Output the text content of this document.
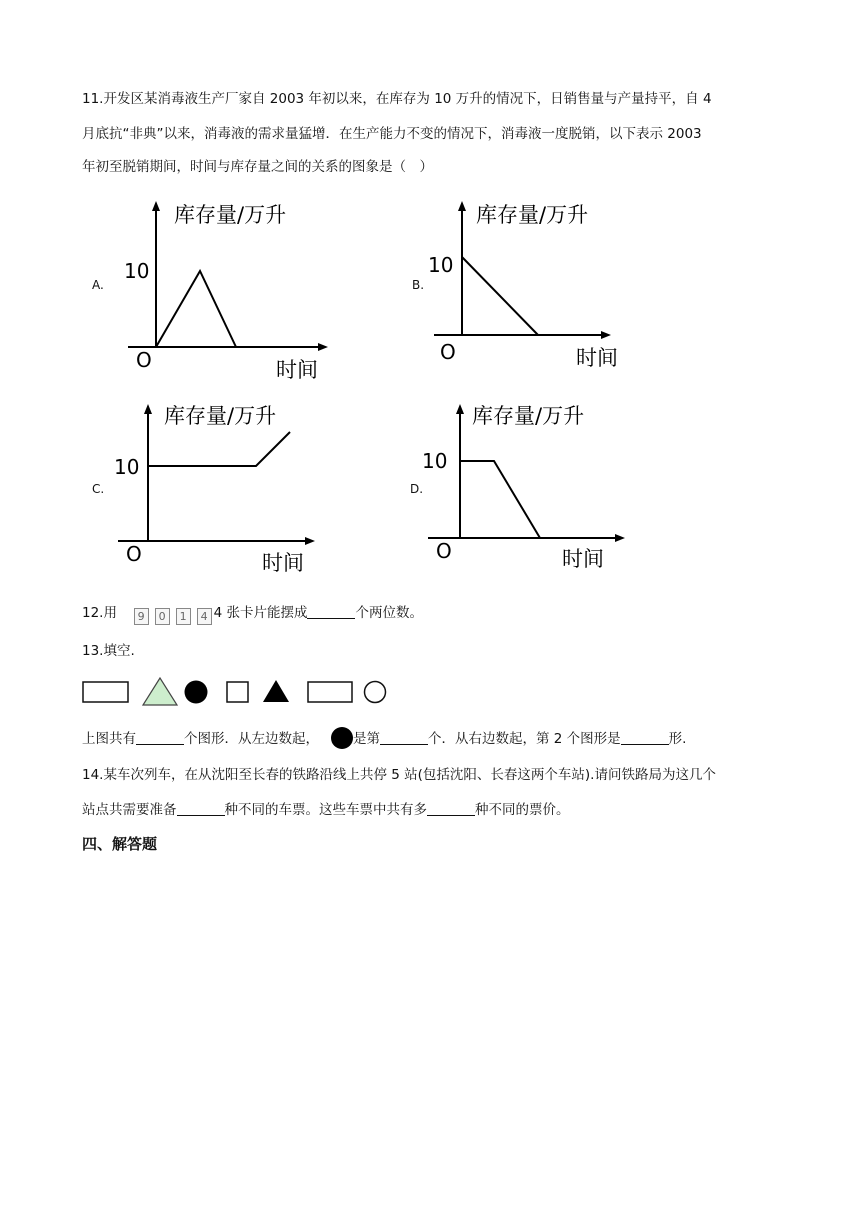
11.开发区某消毒液生产厂家自 2003 年初以来，在库存为 10 万升的情况下，日销售量与产量持平，自 4
月底抗“非典”以来，消毒液的需求量猛增．在生产能力不变的情况下，消毒液一度脱销，以下表示 2003
年初至脱销期间，时间与库存量之间的关系的图象是（　）
A.
库存量/万升
10
O	时间
B.
库存量/万升
10
O	时间
C.
库存量/万升
10
O	时间
D.
库存量/万升
10
O	时间
12.用 9 0 1 4 4 张卡片能摆成	个两位数。
13.填空.
上图共有	个图形．从左边数起，	是第	个．从右边数起，第 2 个图形是	形.
14.某车次列车，在从沈阳至长春的铁路沿线上共停 5 站(包括沈阳、长春这两个车站).请问铁路局为这几个
站点共需要准备	种不同的车票。这些车票中共有多	种不同的票价。
四、解答题
